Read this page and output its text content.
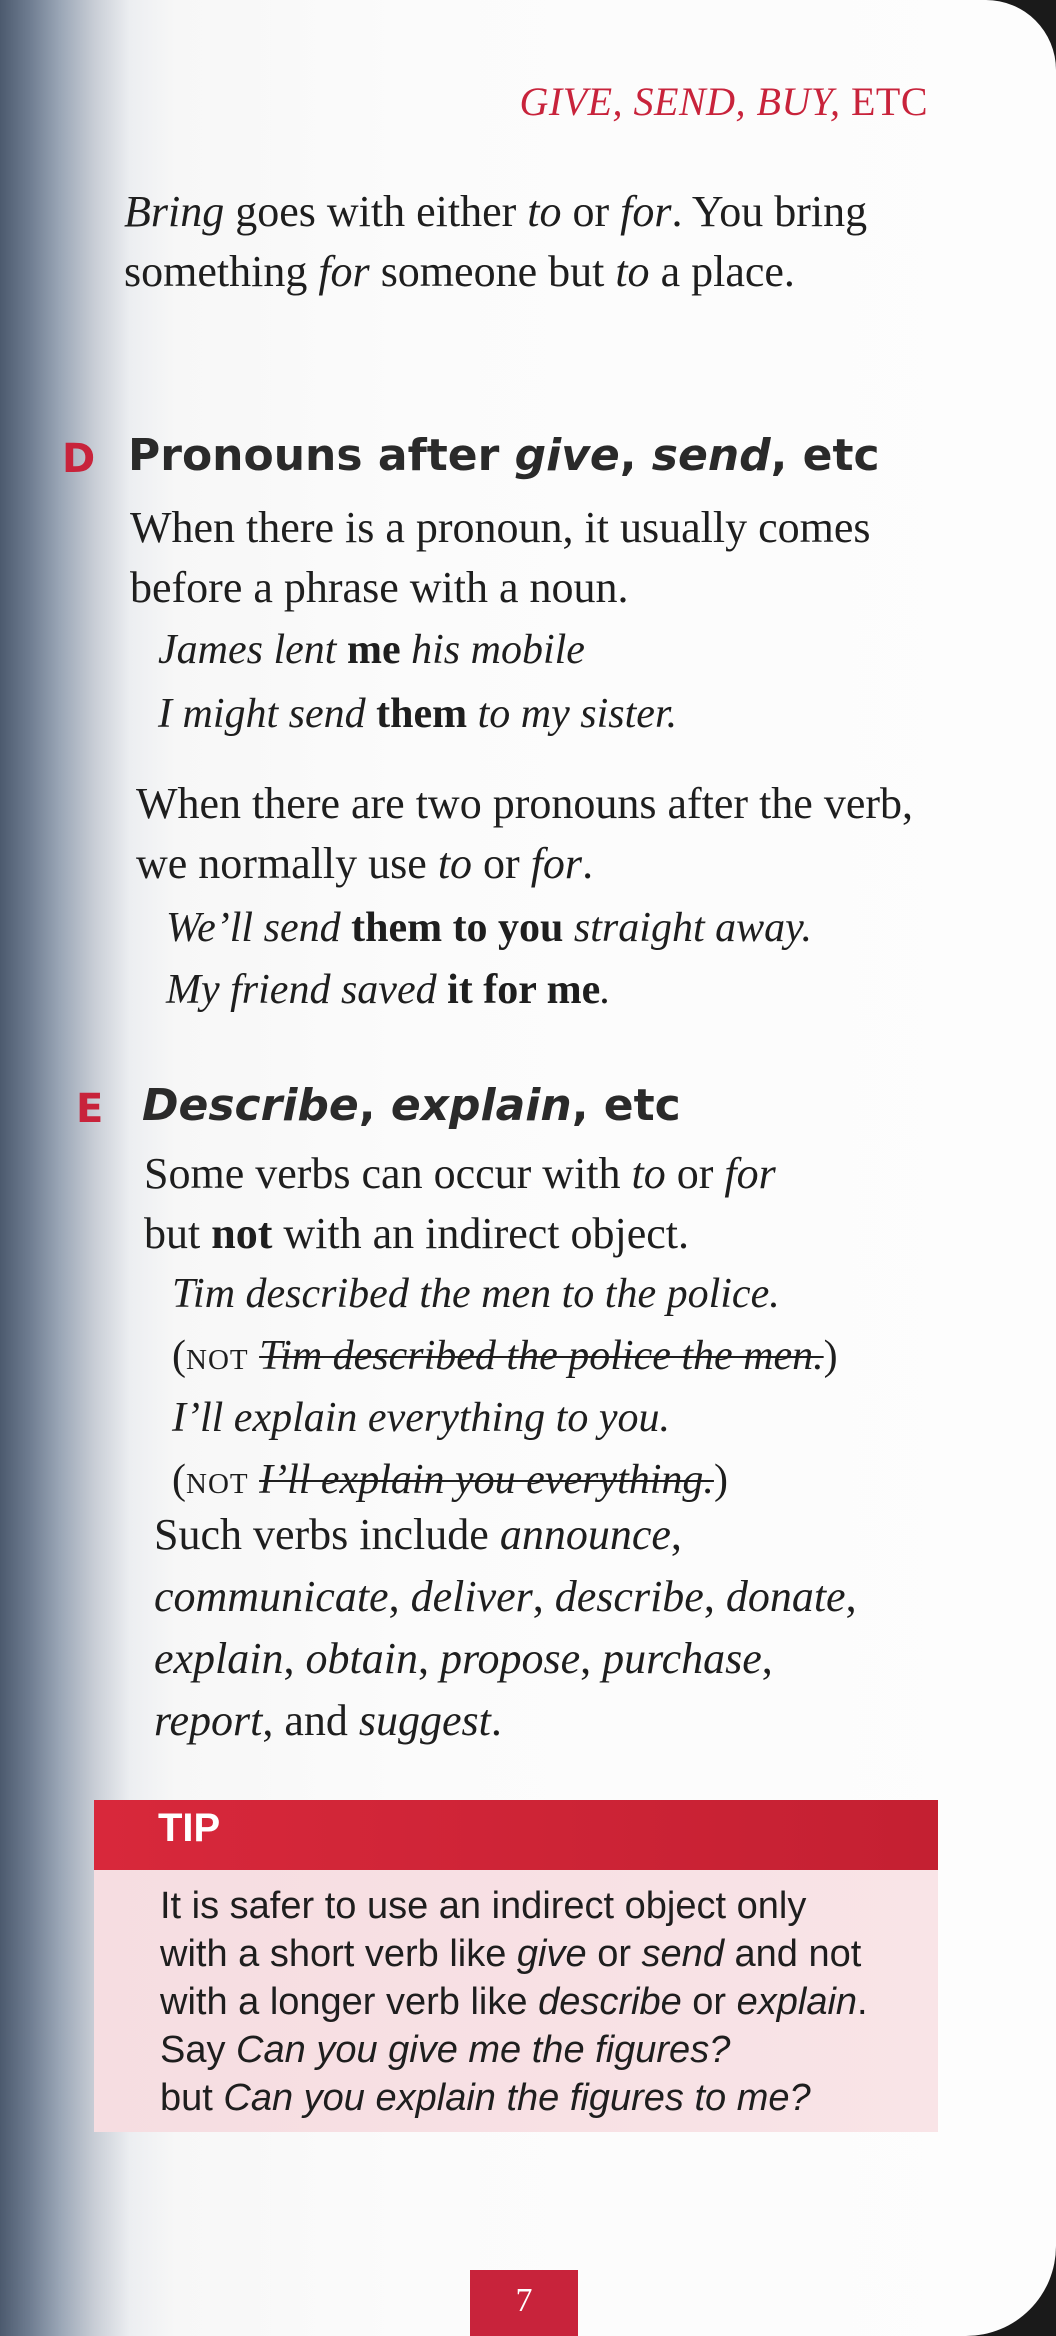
GIVE, SEND, BUY, ETC
Bring goes with either to or for. You bring something for someone but to a place.
D Pronouns after give, send, etc
When there is a pronoun, it usually comes before a phrase with a noun.
James lent me his mobile
I might send them to my sister.
When there are two pronouns after the verb, we normally use to or for.
We’ll send them to you straight away.
My friend saved it for me.
E Describe, explain, etc
Some verbs can occur with to or for
but not with an indirect object.
Tim described the men to the police.
(not Tim described the police the men.)
I’ll explain everything to you.
(not I’ll explain you everything.)
Such verbs include announce,
communicate, deliver, describe, donate,
explain, obtain, propose, purchase,
report, and suggest.
TIP
It is safer to use an indirect object only
with a short verb like give or send and not
with a longer verb like describe or explain.
Say Can you give me the figures?
but Can you explain the figures to me?
7
